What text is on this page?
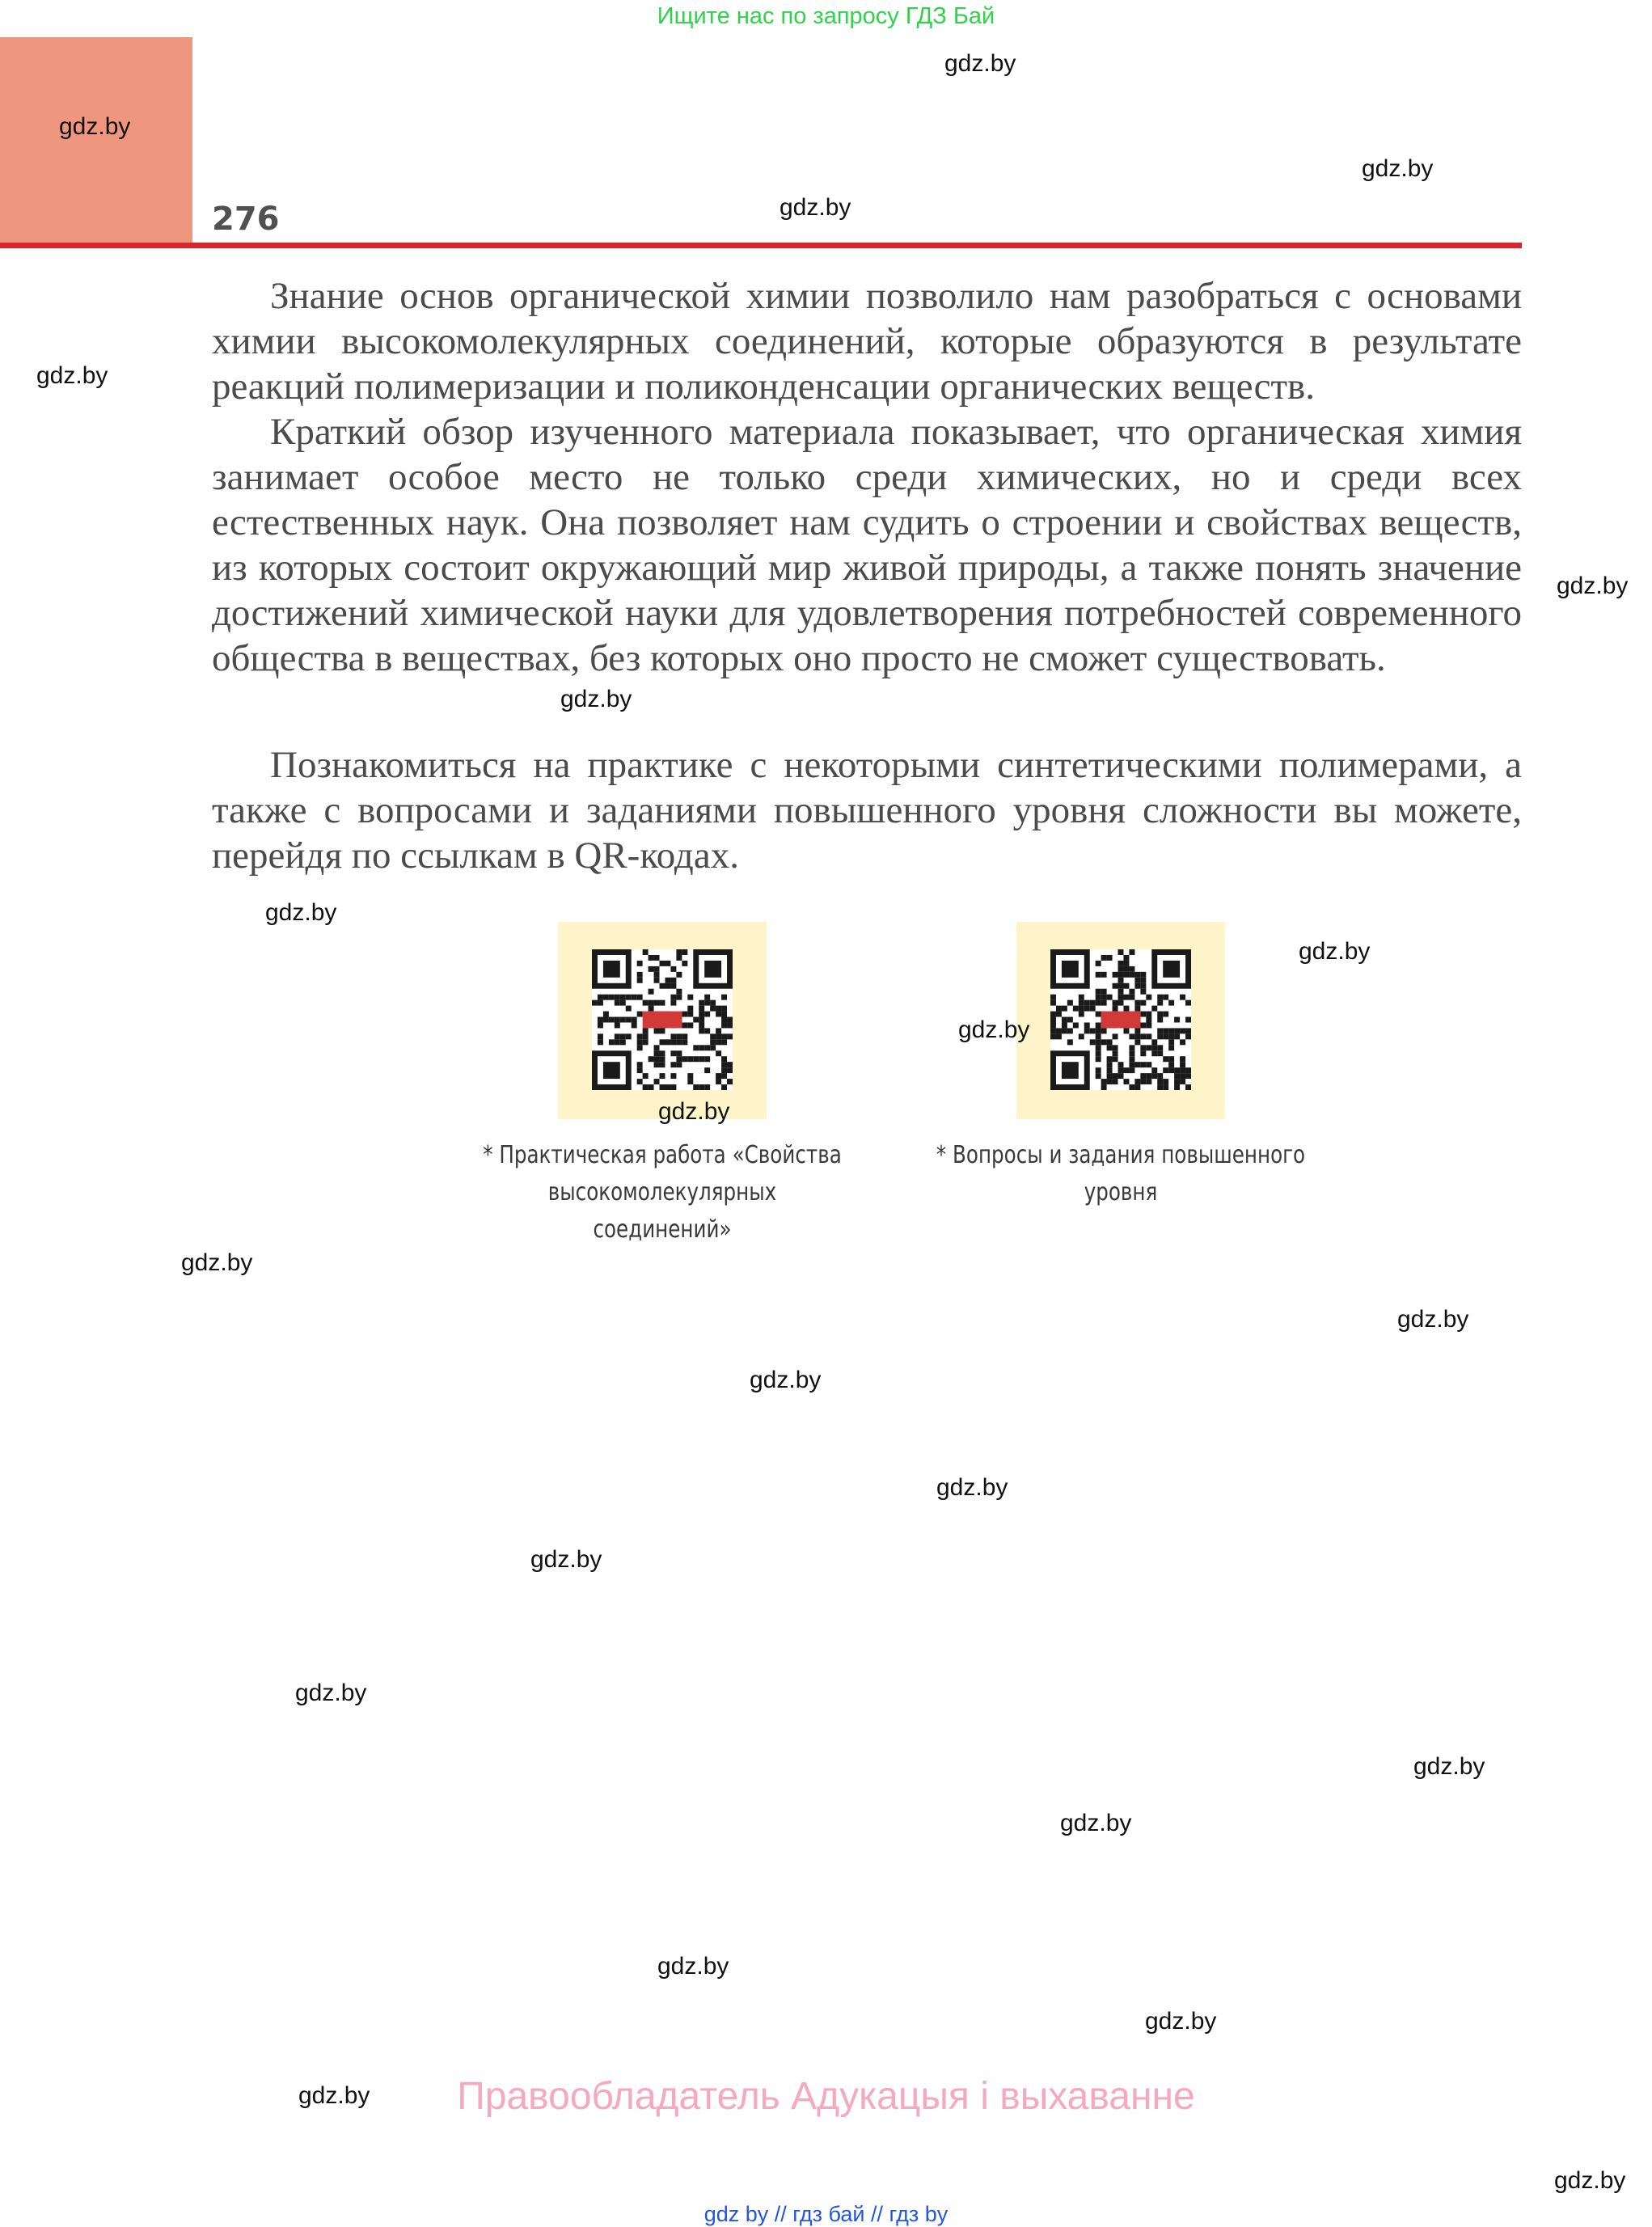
Ищите нас по запросу ГДЗ Бай
276

Знание основ органической химии позволило нам разобраться с основами химии высокомолекулярных соединений, которые образуются в результате реакций полимеризации и поликонденсации органических веществ.

Краткий обзор изученного материала показывает, что органическая химия занимает особое место не только среди химических, но и среди всех естественных наук. Она позволяет нам судить о строении и свойствах веществ, из которых состоит окружающий мир живой природы, а также понять значение достижений химической науки для удовлетворения потребностей современного общества в веществах, без которых оно просто не сможет существовать.

Познакомиться на практике с некоторыми синтетическими полимерами, а также с вопросами и заданиями повышенного уровня сложности вы можете, перейдя по ссылкам в QR-кодах.

* Практическая работа «Свойства высокомолекулярных соединений»
* Вопросы и задания повышенного уровня
gdz.by
gdz.by
gdz.by
gdz.by
gdz.by
gdz.by
gdz.by
gdz.by
gdz.by
gdz.by
gdz.by
gdz.by
gdz.by
gdz.by
gdz.by
gdz.by
gdz.by
gdz.by
gdz.by
gdz.by
gdz.by
gdz.by
gdz.by
Правообладатель Адукацыя і выхаванне
gdz by // гдз бай // гдз by
